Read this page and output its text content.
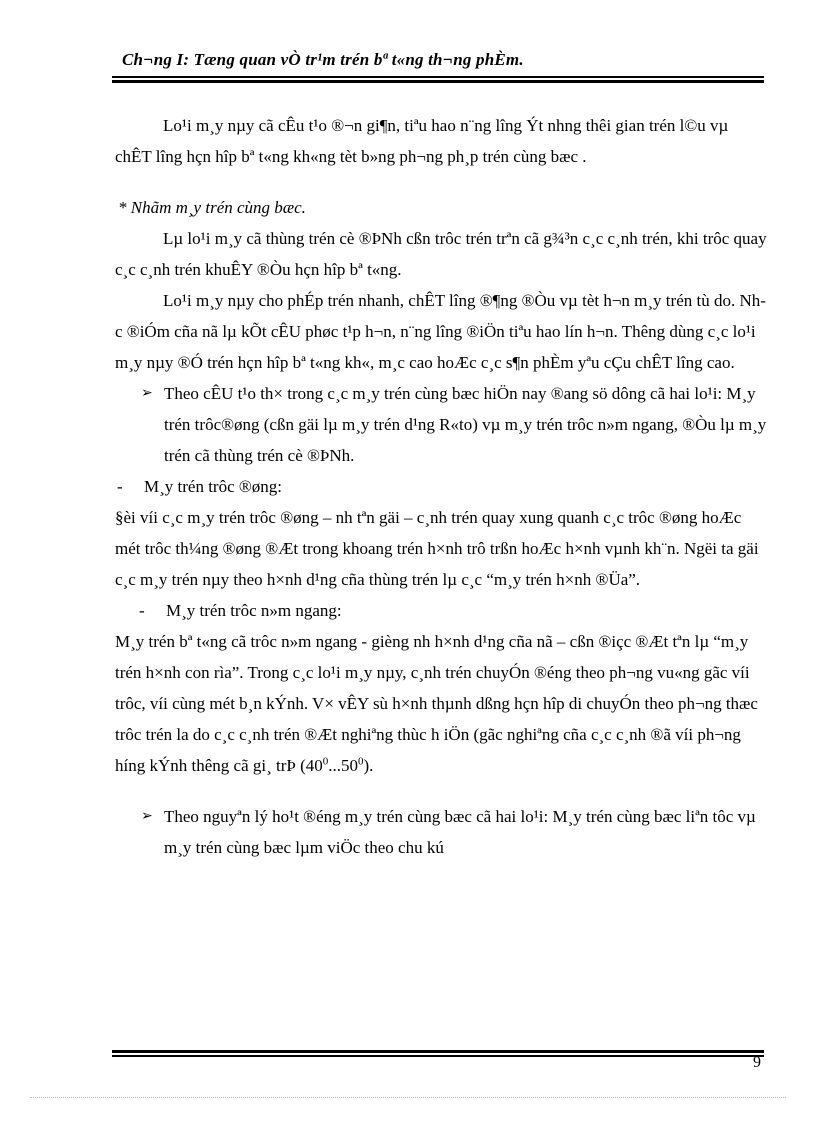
Ch¬ng I: Tæng quan vÒ tr¹m trén bª t«ng th¬ng phÈm.

Lo¹i m¸y nµy cã cÊu t¹o ®¬n gi¶n, tiªu hao n¨ng lîng Ýt nhng thêi gian trén l©u vµ chÊT lîng hçn hîp bª t«ng kh«ng tèt b»ng ph¬ng ph¸p trén cùng bæc .

* Nhãm m¸y trén cùng bæc.

Lµ lo¹i m¸y cã thùng trén cè ®ÞNh cßn trôc trén trªn cã g¾³n c¸c c¸nh trén, khi trôc quay c¸c c¸nh trén khuÊY ®Òu hçn hîp bª t«ng.

Lo¹i m¸y nµy cho phÉp trén nhanh, chÊT lîng ®¶ng ®Òu vµ tèt h¬n m¸y trén tù do. Nhc ®iÓm cña nã lµ kÕt cÊU phøc t¹p h¬n, n¨ng lîng ®iÖn tiªu hao lín h¬n. Thêng dùng c¸c lo¹i m¸y nµy ®Ó trén hçn hîp bª t«ng kh«, m¸c cao hoÆc c¸c s¶n phÈm yªu cÇu chÊT lîng cao.

➢ Theo cÊU t¹o th× trong c¸c m¸y trén cùng bæc hiÖn nay ®ang sö dông cã hai lo¹i: M¸y trén trôc®øng (cßn gäi lµ m¸y trén d¹ng R«to) vµ m¸y trén trôc n»m ngang, ®Òu lµ m¸y trén cã thùng trén cè ®ÞNh.
-	M¸y trén trôc ®øng:

§èi víi c¸c m¸y trén trôc ®øng – nh tªn gäi – c¸nh trén quay xung quanh c¸c trôc ®øng hoÆc mét trôc th¼ng ®øng ®Æt trong khoang trén h×nh trô trßn hoÆc h×nh vµnh kh¨n. Ngëi ta gäi c¸c m¸y trén nµy theo h×nh d¹ng cña thùng trén lµ c¸c “m¸y trén h×nh ®Üa”.

-	M¸y trén trôc n»m ngang:

M¸y trén bª t«ng cã trôc n»m ngang - gièng nh h×nh d¹ng cña nã – cßn ®içc ®Æt tªn lµ “m¸y trén h×nh con rìa”. Trong c¸c lo¹i m¸y nµy, c¸nh trén chuyÓn ®éng theo ph¬ng vu«ng gãc víi trôc, víi cùng mét b¸n kÝnh. V× vÊY sù h×nh thµnh dßng hçn hîp di chuyÓn theo ph¬ng thæc trôc trén la do c¸c c¸nh trén ®Æt nghiªng thùc h iÖn (gãc nghiªng cña c¸c c¸nh ®ã víi ph¬ng híng kÝnh thêng cã gi¸ trÞ $(40^0...50^0)$.

➢ Theo nguyªn lý ho¹t ®éng m¸y trén cùng bæc cã hai lo¹i: M¸y trén cùng bæc liªn tôc vµ m¸y trén cùng bæc lµm viÖc theo chu kú
9
